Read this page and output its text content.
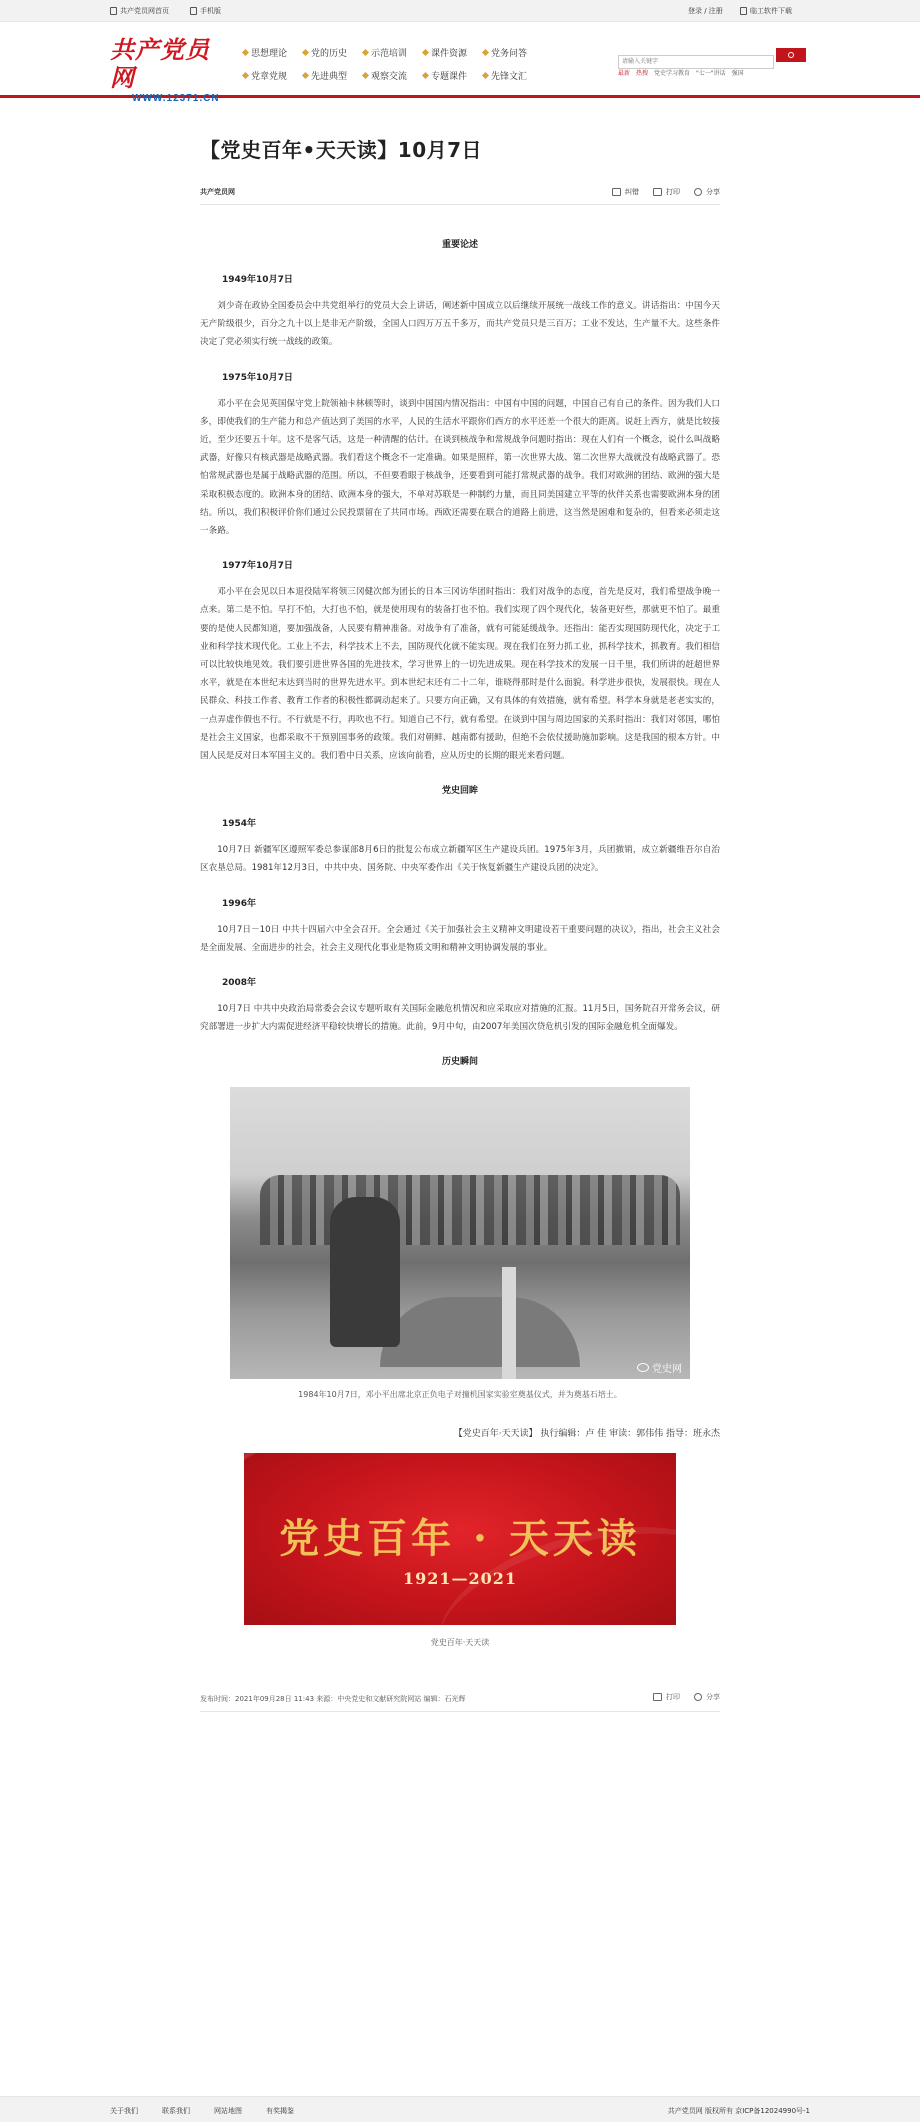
共产党员网首页	手机版	登录 / 注册	临工软件下载
共产党员网
WWW.12371.CN
思想理论	党的历史	示范培训	课件资源	党务问答
党章党规	先进典型	观察交流	专题课件	先锋文汇
请输入关键字	最新 热搜 党史学习教育 "七一"讲话 强国
【党史百年•天天读】10月7日
共产党员网	纠错	打印	分享
重要论述
1949年10月7日

刘少奇在政协全国委员会中共党组举行的党员大会上讲话，阐述新中国成立以后继续开展统一战线工作的意义。讲话指出：中国今天无产阶级很少，百分之九十以上是非无产阶级，全国人口四万万五千多万，而共产党员只是三百万；工业不发达，生产量不大。这些条件决定了党必须实行统一战线的政策。

1975年10月7日

邓小平在会见英国保守党上院领袖卡林顿等时，谈到中国国内情况指出：中国有中国的问题，中国自己有自己的条件。因为我们人口多，即使我们的生产能力和总产值达到了美国的水平，人民的生活水平跟你们西方的水平还差一个很大的距离。说赶上西方，就是比较接近，至少还要五十年。这不是客气话，这是一种清醒的估计。在谈到核战争和常规战争问题时指出：现在人们有一个概念，说什么叫战略武器，好像只有核武器是战略武器。我们看这个概念不一定准确。如果是照样，第一次世界大战、第二次世界大战就没有战略武器了。恐怕常规武器也是属于战略武器的范围。所以，不但要看眼于核战争，还要看到可能打常规武器的战争。我们对欧洲的团结、欧洲的强大是采取积极态度的。欧洲本身的团结、欧洲本身的强大，不单对苏联是一种制约力量，而且同美国建立平等的伙伴关系也需要欧洲本身的团结。所以，我们积极评价你们通过公民投票留在了共同市场。西欧还需要在联合的道路上前进，这当然是困难和复杂的，但看来必须走这一条路。

1977年10月7日

邓小平在会见以日本退役陆军将领三冈健次郎为团长的日本三冈访华团时指出：我们对战争的态度，首先是反对，我们希望战争晚一点来。第二是不怕。早打不怕，大打也不怕，就是使用现有的装备打也不怕。我们实现了四个现代化，装备更好些，那就更不怕了。最重要的是使人民都知道，要加强战备，人民要有精神准备。对战争有了准备，就有可能延缓战争。还指出：能否实现国防现代化，决定于工业和科学技术现代化。工业上不去，科学技术上不去，国防现代化就不能实现。现在我们在努力抓工业，抓科学技术，抓教育。我们相信可以比较快地见效。我们要引进世界各国的先进技术，学习世界上的一切先进成果。现在科学技术的发展一日千里，我们所讲的赶超世界水平，就是在本世纪末达到当时的世界先进水平。到本世纪末还有二十二年，谁晓得那时是什么面貌。科学进步很快，发展很快。现在人民群众、科技工作者、教育工作者的积极性都调动起来了。只要方向正确，又有具体的有效措施，就有希望。科学本身就是老老实实的，一点弄虚作假也不行。不行就是不行，再吹也不行。知道自己不行，就有希望。在谈到中国与周边国家的关系时指出：我们对邻国，哪怕是社会主义国家，也都采取不干预别国事务的政策。我们对朝鲜、越南都有援助，但绝不会依仗援助施加影响。这是我国的根本方针。中国人民是反对日本军国主义的。我们看中日关系，应该向前看，应从历史的长期的眼光来看问题。

党史回眸
1954年

10月7日 新疆军区遵照军委总参谋部8月6日的批复公布成立新疆军区生产建设兵团。1975年3月，兵团撤销，成立新疆维吾尔自治区农垦总局。1981年12月3日，中共中央、国务院、中央军委作出《关于恢复新疆生产建设兵团的决定》。

1996年

10月7日－10日 中共十四届六中全会召开。全会通过《关于加强社会主义精神文明建设若干重要问题的决议》，指出，社会主义社会是全面发展、全面进步的社会，社会主义现代化事业是物质文明和精神文明协调发展的事业。

2008年

10月7日 中共中央政治局常委会会议专题听取有关国际金融危机情况和应采取应对措施的汇报。11月5日，国务院召开常务会议，研究部署进一步扩大内需促进经济平稳较快增长的措施。此前，9月中旬，由2007年美国次贷危机引发的国际金融危机全面爆发。

历史瞬间
党史网
1984年10月7日，邓小平出席北京正负电子对撞机国家实验室奠基仪式，并为奠基石培土。
【党史百年·天天读】 执行编辑：卢 佳 审读：郭伟伟 指导：班永杰
党史百年 · 天天读
1921—2021
党史百年·天天读
发布时间：2021年09月28日 11:43 来源：中央党史和文献研究院网站 编辑：石光辉	打印	分享
关于我们	联系我们	网站地图	有奖揭鉴	共产党员网 版权所有 京ICP备12024990号-1
